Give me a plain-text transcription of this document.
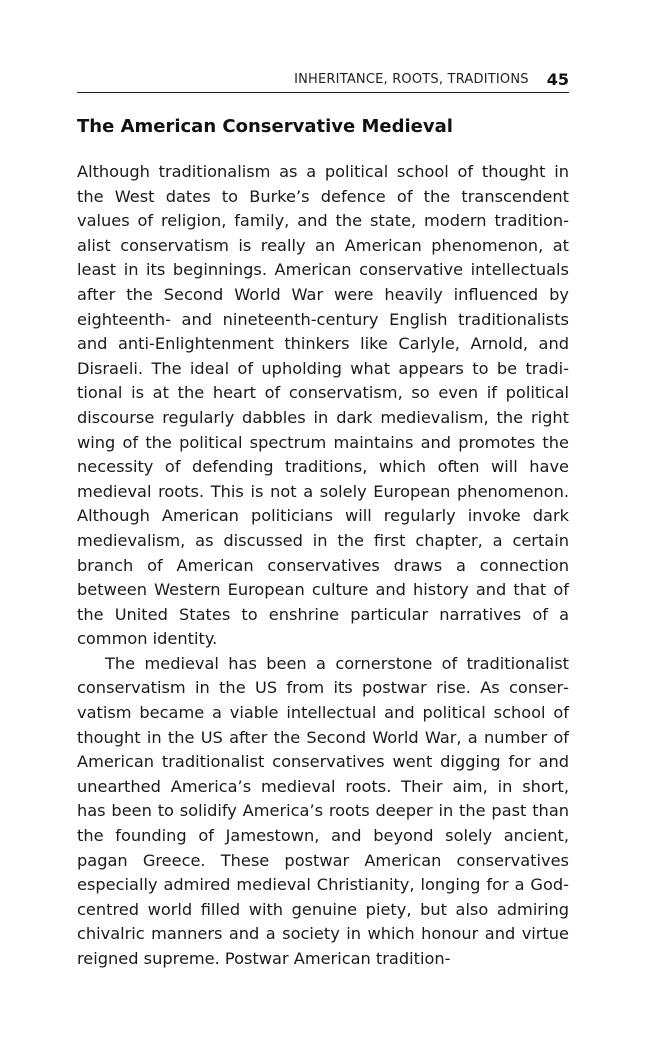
INHERITANCE, ROOTS, TRADITIONS 45
The American Conservative Medieval

Although traditionalism as a political school of thought in the West dates to Burke’s defence of the transcendent values of religion, family, and the state, modern traditionalist conservatism is really an American phenomenon, at least in its beginnings. American conservative intellectuals after the Second World War were heavily influenced by eighteenth- and nineteenth-century English traditionalists and anti-Enlightenment thinkers like Carlyle, Arnold, and Disraeli. The ideal of upholding what appears to be traditional is at the heart of conservatism, so even if political discourse regularly dabbles in dark medievalism, the right wing of the political spectrum maintains and promotes the necessity of defending traditions, which often will have medieval roots. This is not a solely European phenomenon. Although American politicians will regularly invoke dark medievalism, as discussed in the first chapter, a certain branch of American conservatives draws a connection between Western European culture and history and that of the United States to enshrine particular narratives of a common identity.

The medieval has been a cornerstone of traditionalist conservatism in the US from its postwar rise. As conservatism became a viable intellectual and political school of thought in the US after the Second World War, a number of American traditionalist conservatives went digging for and unearthed America’s medieval roots. Their aim, in short, has been to solidify America’s roots deeper in the past than the founding of Jamestown, and beyond solely ancient, pagan Greece. These postwar American conservatives especially admired medieval Christianity, longing for a God-centred world filled with genuine piety, but also admiring chivalric manners and a society in which honour and virtue reigned supreme. Postwar American tradition-
